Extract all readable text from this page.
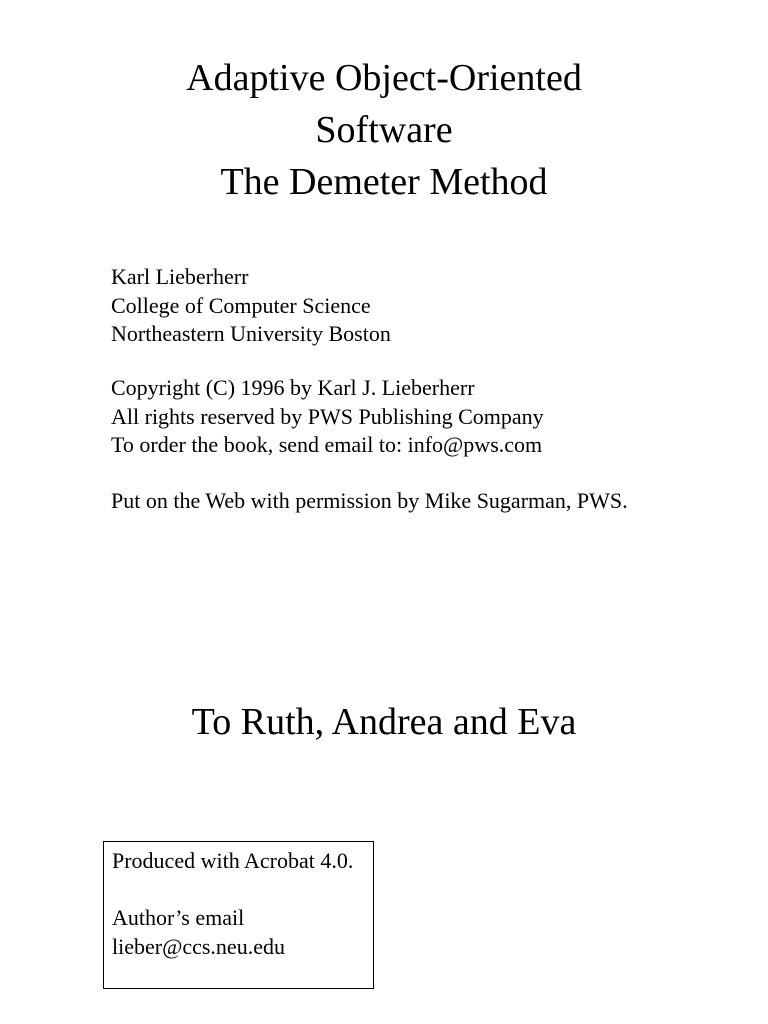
Adaptive Object-Oriented
Software
The Demeter Method
Karl Lieberherr
College of Computer Science
Northeastern University Boston
Copyright (C) 1996 by Karl J. Lieberherr
All rights reserved by PWS Publishing Company
To order the book, send email to: info@pws.com
Put on the Web with permission by Mike Sugarman, PWS.
To Ruth, Andrea and Eva
Produced with Acrobat 4.0.
Author’s email
lieber@ccs.neu.edu
